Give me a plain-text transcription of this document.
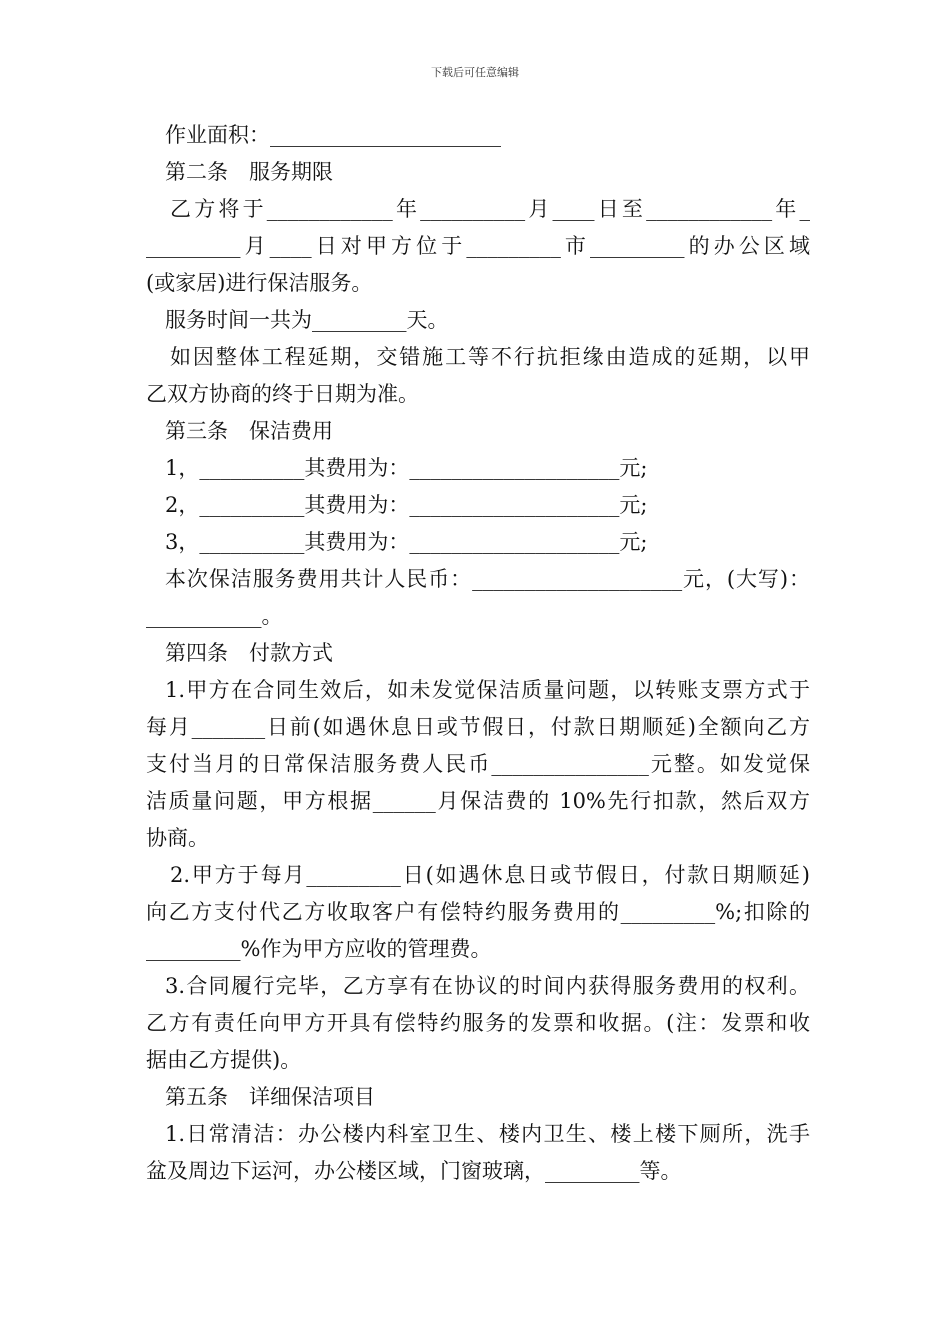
下载后可任意编辑
作业面积：______________________
第二条　服务期限
乙方将于____________年__________月____日至____________年_
_________月____日对甲方位于_________市_________的办公区域
(或家居)进行保洁服务。
服务时间一共为_________天。
如因整体工程延期，交错施工等不行抗拒缘由造成的延期，以甲
乙双方协商的终于日期为准。
第三条　保洁费用
1，__________其费用为：____________________元;
2，__________其费用为：____________________元;
3，__________其费用为：____________________元;
本次保洁服务费用共计人民币：____________________元，(大写)：
___________。
第四条　付款方式
1.甲方在合同生效后，如未发觉保洁质量问题，以转账支票方式于
每月_______日前(如遇休息日或节假日，付款日期顺延)全额向乙方
支付当月的日常保洁服务费人民币_______________元整。如发觉保
洁质量问题，甲方根据______月保洁费的 10%先行扣款，然后双方
协商。
2.甲方于每月_________日(如遇休息日或节假日，付款日期顺延)
向乙方支付代乙方收取客户有偿特约服务费用的_________%;扣除的
_________%作为甲方应收的管理费。
3.合同履行完毕，乙方享有在协议的时间内获得服务费用的权利。
乙方有责任向甲方开具有偿特约服务的发票和收据。(注：发票和收
据由乙方提供)。
第五条　详细保洁项目
1.日常清洁：办公楼内科室卫生、楼内卫生、楼上楼下厕所，洗手
盆及周边下运河，办公楼区域，门窗玻璃，_________等。
